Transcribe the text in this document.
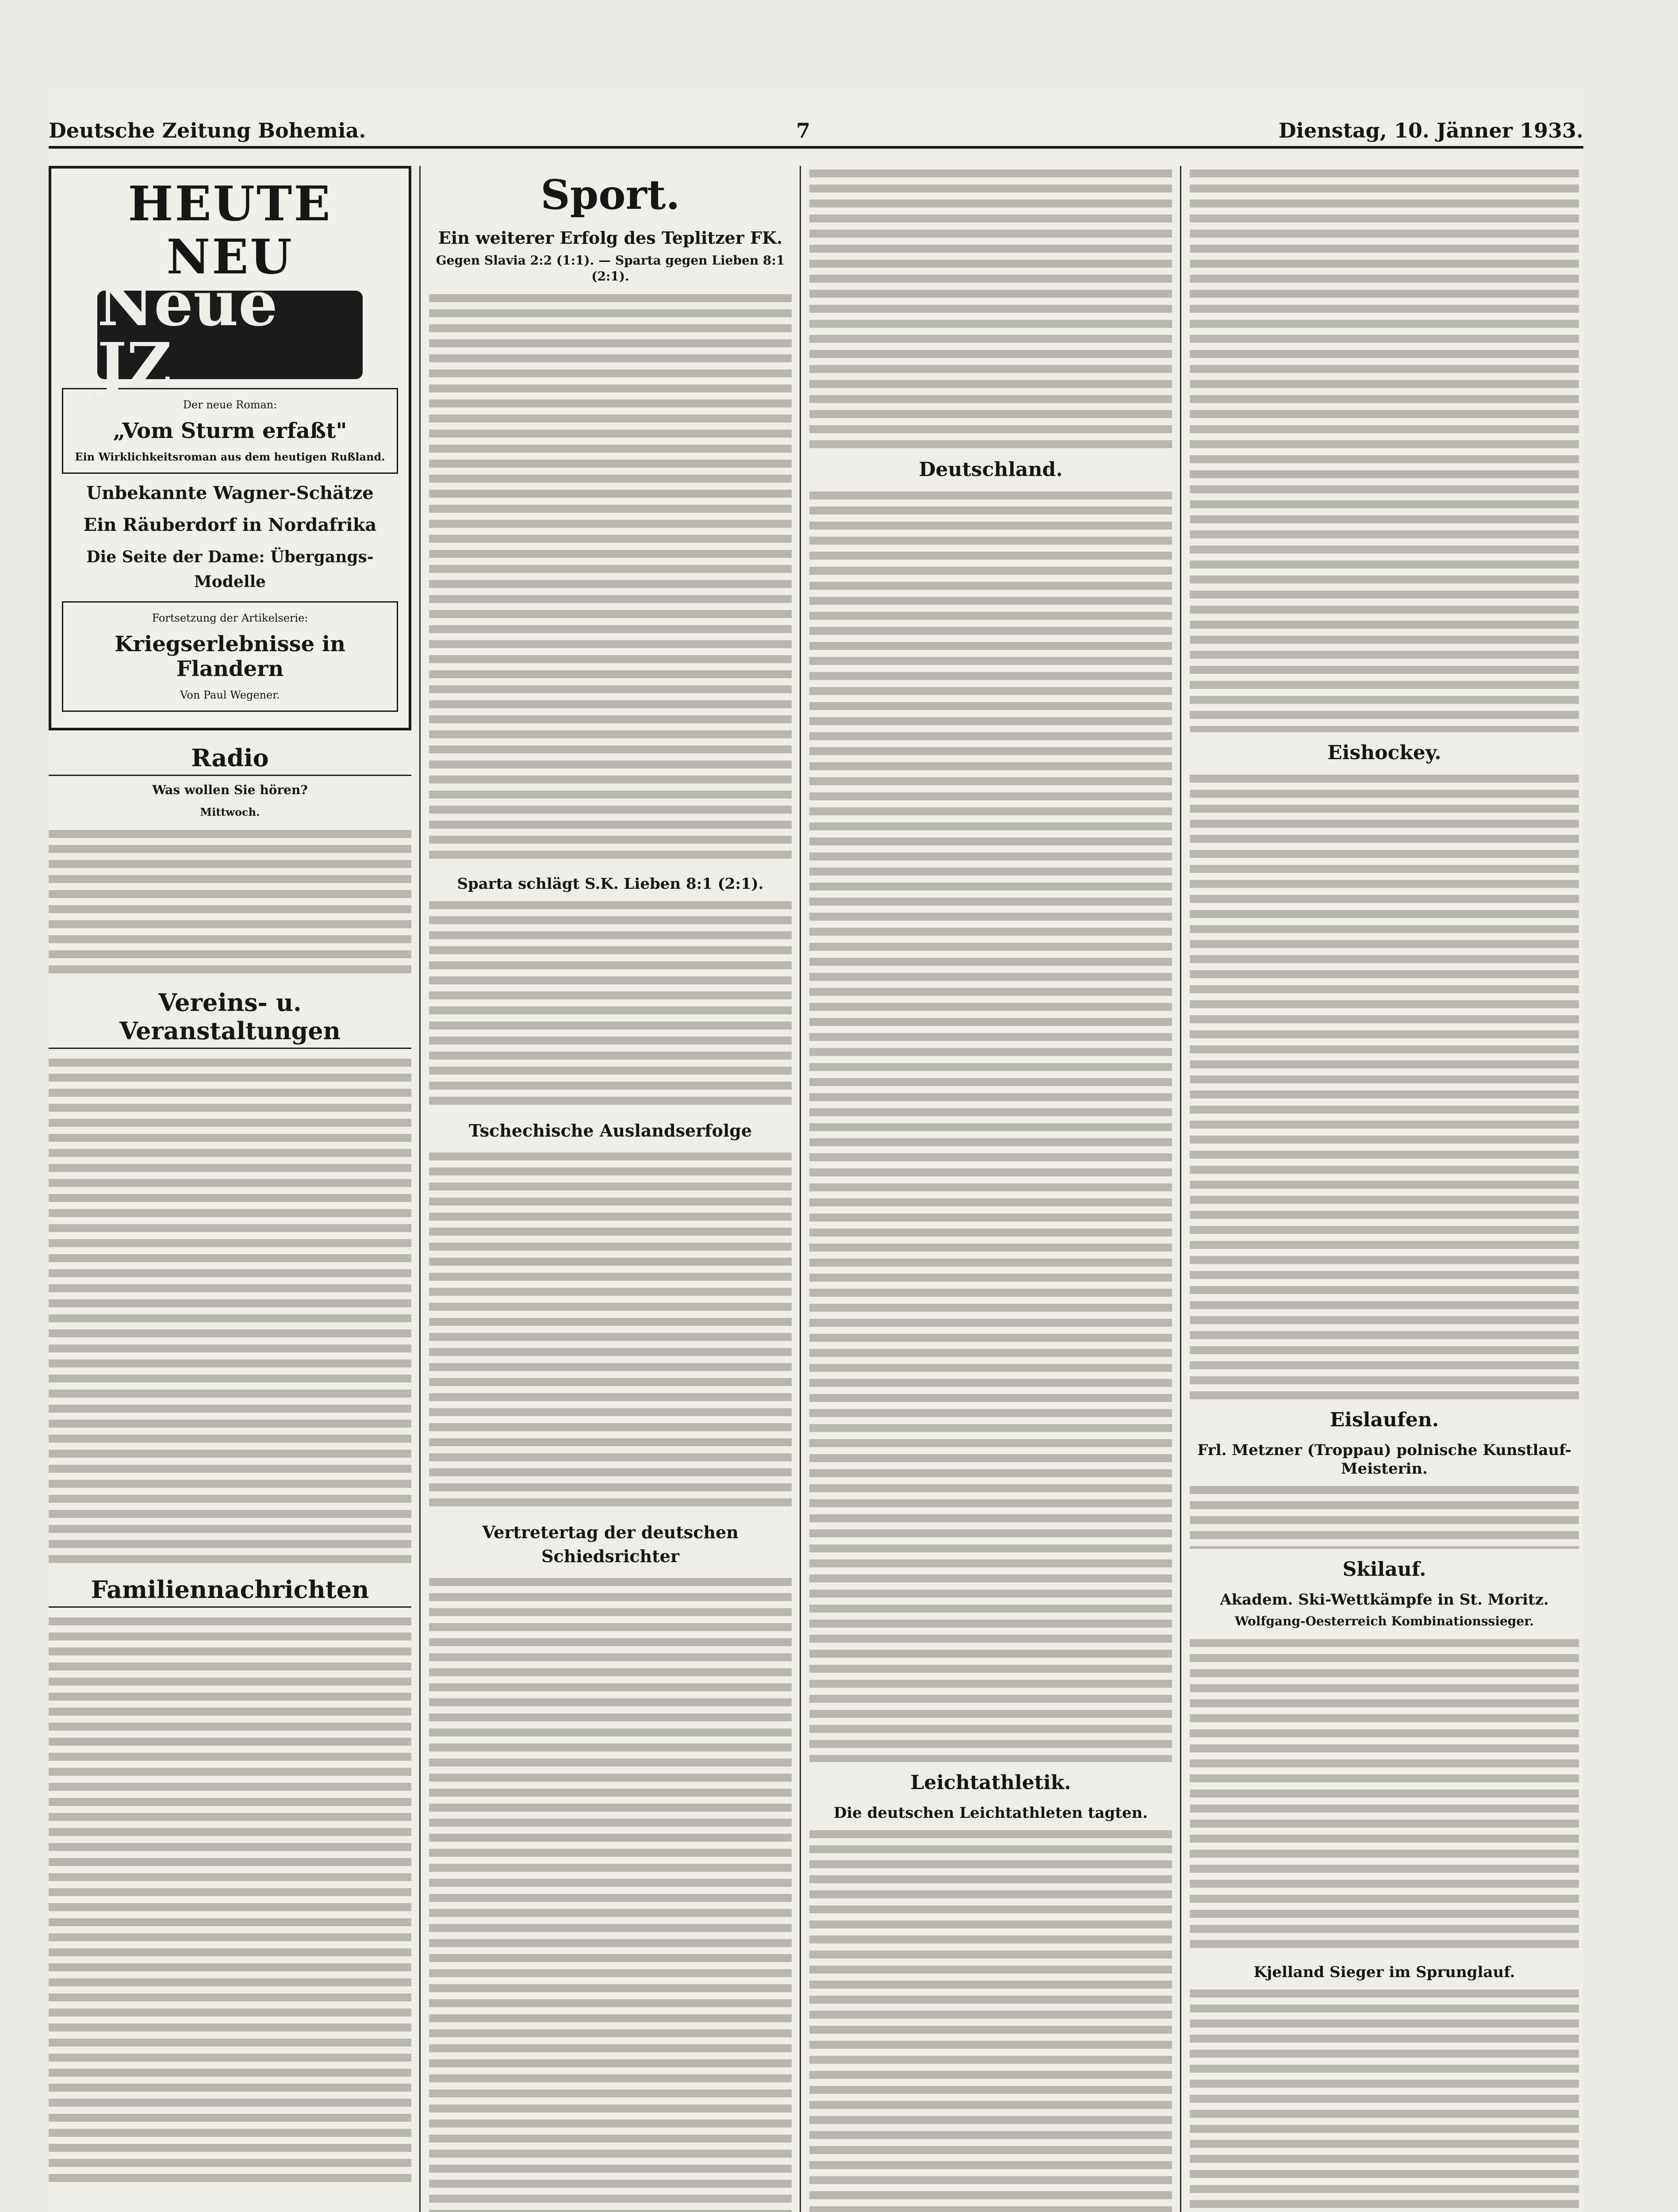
Deutsche Zeitung Bohemia.	7	Dienstag, 10. Jänner 1933.
HEUTE NEU
Neue JZ
Der neue Roman:
„Vom Sturm erfaßt"
Ein Wirklichkeitsroman aus dem heutigen Rußland.
Unbekannte Wagner-Schätze
Ein Räuberdorf in Nordafrika
Die Seite der Dame: Übergangs-Modelle
Fortsetzung der Artikelserie:
Kriegserlebnisse in Flandern
Von Paul Wegener.
Radio
Was wollen Sie hören?
Mittwoch.
Vereins- u. Veranstaltungen
Familiennachrichten
Sport.
Ein weiterer Erfolg des Teplitzer FK.
Gegen Slavia 2:2 (1:1). — Sparta gegen Lieben 8:1 (2:1).
Sparta schlägt S.K. Lieben 8:1 (2:1).
Tschechische Auslandserfolge
Vertretertag der deutschen Schiedsrichter
Deutschland.
Leichtathletik.
Die deutschen Leichtathleten tagten.
Eishockey.
Eislaufen.
Frl. Metzner (Troppau) polnische Kunstlauf-Meisterin.
Skilauf.
Akadem. Ski-Wettkämpfe in St. Moritz.
Wolfgang-Oesterreich Kombinationssieger.
Kjelland Sieger im Sprunglauf.
